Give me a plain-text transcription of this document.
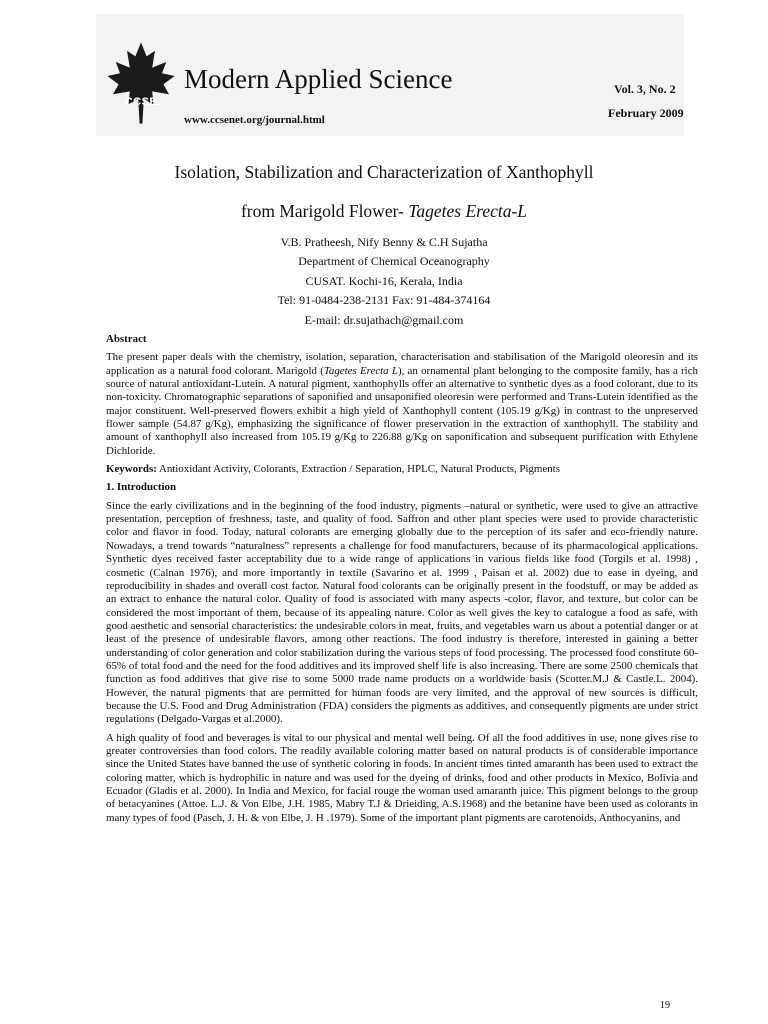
CCSE
Modern Applied Science
www.ccsenet.org/journal.html
Vol. 3, No. 2
February 2009
Isolation, Stabilization and Characterization of Xanthophyll
from Marigold Flower- Tagetes Erecta-L
V.B. Pratheesh, Nify Benny & C.H Sujatha
Department of Chemical Oceanography
CUSAT. Kochi-16, Kerala, India
Tel: 91-0484-238-2131 Fax: 91-484-374164
E-mail: dr.sujathach@gmail.com

Abstract

The present paper deals with the chemistry, isolation, separation, characterisation and stabilisation of the Marigold oleoresin and its application as a natural food colorant. Marigold (Tagetes Erecta L), an ornamental plant belonging to the composite family, has a rich source of natural antioxidant-Lutein. A natural pigment, xanthophylls offer an alternative to synthetic dyes as a food colorant, due to its non-toxicity. Chromatographic separations of saponified and unsaponified oleoresin were performed and Trans-Lutein identified as the major constituent. Well-preserved flowers exhibit a high yield of Xanthophyll content (105.19 g/Kg) in contrast to the unpreserved flower sample (54.87 g/Kg), emphasizing the significance of flower preservation in the extraction of xanthophyll. The stability and amount of xanthophyll also increased from 105.19 g/Kg to 226.88 g/Kg on saponification and subsequent purification with Ethylene Dichloride.

Keywords: Antioxidant Activity, Colorants, Extraction / Separation, HPLC, Natural Products, Pigments

1. Introduction

Since the early civilizations and in the beginning of the food industry, pigments –natural or synthetic, were used to give an attractive presentation, perception of freshness, taste, and quality of food. Saffron and other plant species were used to provide characteristic color and flavor in food. Today, natural colorants are emerging globally due to the perception of its safer and eco-friendly nature. Nowadays, a trend towards “naturalness” represents a challenge for food manufacturers, because of its pharmacological applications. Synthetic dyes received faster acceptability due to a wide range of applications in various fields like food (Torgils et al. 1998) , cosmetic (Calnan 1976), and more importantly in textile (Savarino et al. 1999 , Paisan et al. 2002) due to ease in dyeing, and reproducibility in shades and overall cost factor. Natural food colorants can be originally present in the foodstuff, or may be added as an extract to enhance the natural color. Quality of food is associated with many aspects -color, flavor, and texture, but color can be considered the most important of them, because of its appealing nature. Color as well gives the key to catalogue a food as safe, with good aesthetic and sensorial characteristics: the undesirable colors in meat, fruits, and vegetables warn us about a potential danger or at least of the presence of undesirable flavors, among other reactions. The food industry is therefore, interested in gaining a better understanding of color generation and color stabilization during the various steps of food processing. The processed food constitute 60- 65% of total food and the need for the food additives and its improved shelf life is also increasing. There are some 2500 chemicals that function as food additives that give rise to some 5000 trade name products on a worldwide basis (Scotter.M.J & Castle.L. 2004). However, the natural pigments that are permitted for human foods are very limited, and the approval of new sources is difficult, because the U.S. Food and Drug Administration (FDA) considers the pigments as additives, and consequently pigments are under strict regulations (Delgado-Vargas et al.2000).

A high quality of food and beverages is vital to our physical and mental well being. Of all the food additives in use, none gives rise to greater controversies than food colors. The readily available coloring matter based on natural products is of considerable importance since the United States have banned the use of synthetic coloring in foods. In ancient times tinted amaranth has been used to extract the coloring matter, which is hydrophilic in nature and was used for the dyeing of drinks, food and other products in Mexico, Bolivia and Ecuador (Gladis et al. 2000). In India and Mexico, for facial rouge the woman used amaranth juice. This pigment belongs to the group of betacyanines (Attoe. L.J. & Von Elbe, J.H. 1985, Mabry T.J & Drieiding, A.S.1968) and the betanine have been used as colorants in many types of food (Pasch, J. H. & von Elbe, J. H .1979). Some of the important plant pigments are carotenoids, Anthocyanins, and

19
